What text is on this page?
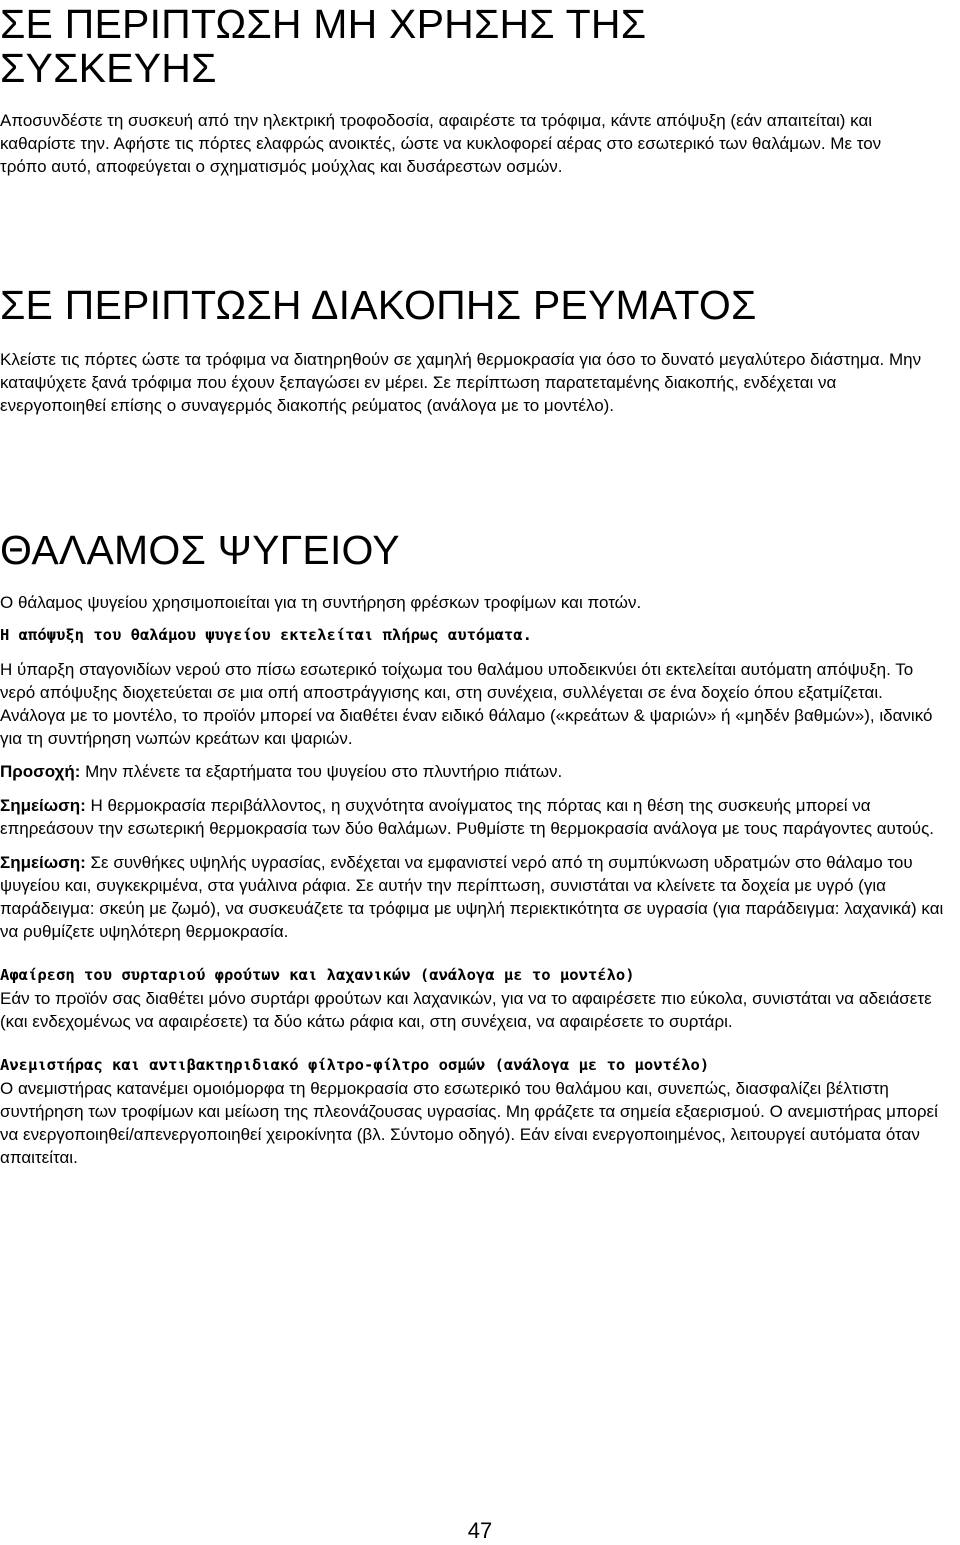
ΣΕ ΠΕΡΙΠΤΩΣΗ ΜΗ ΧΡΗΣΗΣ ΤΗΣ ΣΥΣΚΕΥΗΣ

Αποσυνδέστε τη συσκευή από την ηλεκτρική τροφοδοσία, αφαιρέστε τα τρόφιμα, κάντε απόψυξη (εάν απαιτείται) και καθαρίστε την. Αφήστε τις πόρτες ελαφρώς ανοικτές, ώστε να κυκλοφορεί αέρας στο εσωτερικό των θαλάμων. Με τον τρόπο αυτό, αποφεύγεται ο σχηματισμός μούχλας και δυσάρεστων οσμών.

ΣΕ ΠΕΡΙΠΤΩΣΗ ΔΙΑΚΟΠΗΣ ΡΕΥΜΑΤΟΣ

Κλείστε τις πόρτες ώστε τα τρόφιμα να διατηρηθούν σε χαμηλή θερμοκρασία για όσο το δυνατό μεγαλύτερο διάστημα. Μην καταψύχετε ξανά τρόφιμα που έχουν ξεπαγώσει εν μέρει. Σε περίπτωση παρατεταμένης διακοπής, ενδέχεται να ενεργοποιηθεί επίσης ο συναγερμός διακοπής ρεύματος (ανάλογα με το μοντέλο).

ΘΑΛΑΜΟΣ ΨΥΓΕΙΟΥ

Ο θάλαμος ψυγείου χρησιμοποιείται για τη συντήρηση φρέσκων τροφίμων και ποτών.

Η απόψυξη του θαλάμου ψυγείου εκτελείται πλήρως αυτόματα.

Η ύπαρξη σταγονιδίων νερού στο πίσω εσωτερικό τοίχωμα του θαλάμου υποδεικνύει ότι εκτελείται αυτόματη απόψυξη. Το νερό απόψυξης διοχετεύεται σε μια οπή αποστράγγισης και, στη συνέχεια, συλλέγεται σε ένα δοχείο όπου εξατμίζεται.

Ανάλογα με το μοντέλο, το προϊόν μπορεί να διαθέτει έναν ειδικό θάλαμο («κρεάτων & ψαριών» ή «μηδέν βαθμών»), ιδανικό για τη συντήρηση νωπών κρεάτων και ψαριών.

Προσοχή: Μην πλένετε τα εξαρτήματα του ψυγείου στο πλυντήριο πιάτων.

Σημείωση: Η θερμοκρασία περιβάλλοντος, η συχνότητα ανοίγματος της πόρτας και η θέση της συσκευής μπορεί να επηρεάσουν την εσωτερική θερμοκρασία των δύο θαλάμων. Ρυθμίστε τη θερμοκρασία ανάλογα με τους παράγοντες αυτούς.

Σημείωση: Σε συνθήκες υψηλής υγρασίας, ενδέχεται να εμφανιστεί νερό από τη συμπύκνωση υδρατμών στο θάλαμο του ψυγείου και, συγκεκριμένα, στα γυάλινα ράφια. Σε αυτήν την περίπτωση, συνιστάται να κλείνετε τα δοχεία με υγρό (για παράδειγμα: σκεύη με ζωμό), να συσκευάζετε τα τρόφιμα με υψηλή περιεκτικότητα σε υγρασία (για παράδειγμα: λαχανικά) και να ρυθμίζετε υψηλότερη θερμοκρασία.

Αφαίρεση του συρταριού φρούτων και λαχανικών (ανάλογα με το μοντέλο)

Εάν το προϊόν σας διαθέτει μόνο συρτάρι φρούτων και λαχανικών, για να το αφαιρέσετε πιο εύκολα, συνιστάται να αδειάσετε (και ενδεχομένως να αφαιρέσετε) τα δύο κάτω ράφια και, στη συνέχεια, να αφαιρέσετε το συρτάρι.

Ανεμιστήρας και αντιβακτηριδιακό φίλτρο-φίλτρο οσμών (ανάλογα με το μοντέλο)

Ο ανεμιστήρας κατανέμει ομοιόμορφα τη θερμοκρασία στο εσωτερικό του θαλάμου και, συνεπώς, διασφαλίζει βέλτιστη συντήρηση των τροφίμων και μείωση της πλεονάζουσας υγρασίας. Μη φράζετε τα σημεία εξαερισμού. Ο ανεμιστήρας μπορεί να ενεργοποιηθεί/απενεργοποιηθεί χειροκίνητα (βλ. Σύντομο οδηγό). Εάν είναι ενεργοποιημένος, λειτουργεί αυτόματα όταν απαιτείται.

47
